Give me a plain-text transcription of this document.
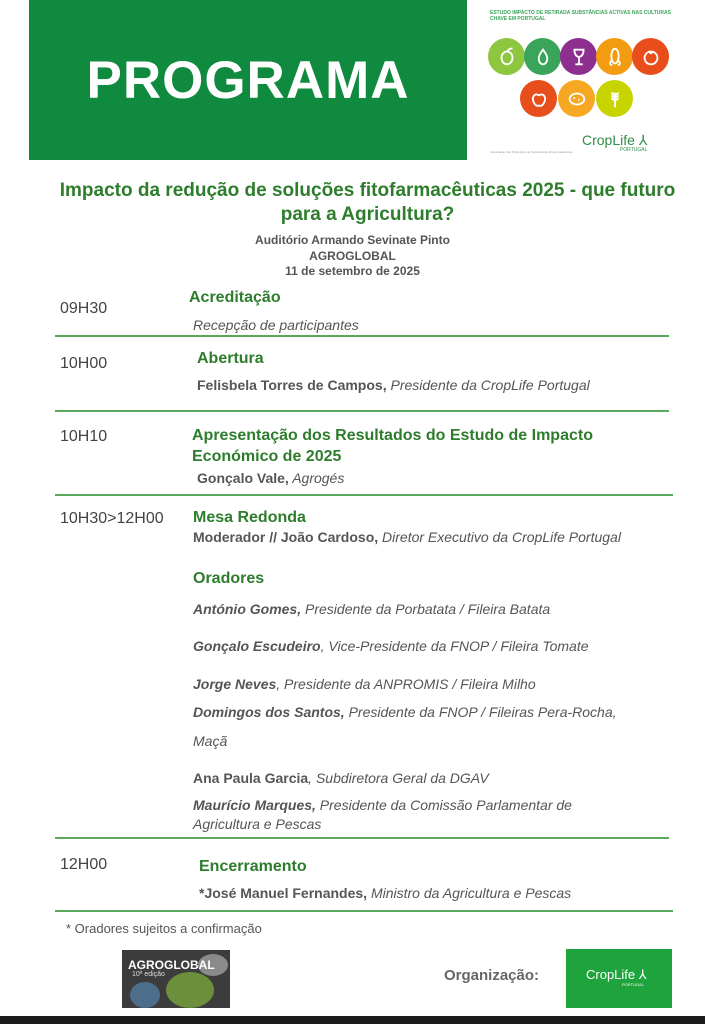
PROGRAMA
ESTUDO IMPACTO DE RETIRADA SUBSTÂNCIAS ACTIVAS NAS CULTURAS CHAVE EM PORTUGAL
CropLife ⅄
PORTUGAL
Associação dos Produtores de Substâncias Fitofarmacêuticas
Impacto da redução de soluções fitofarmacêuticas 2025 - que futuro para a Agricultura?
Auditório Armando Sevinate Pinto
AGROGLOBAL
11 de setembro de 2025
09H30
Acreditação
Recepção de participantes
10H00	Abertura
Felisbela Torres de Campos, Presidente da CropLife Portugal
10H10	Apresentação dos Resultados do Estudo de Impacto
Económico de 2025
Gonçalo Vale, Agrogés
10H30>12H00 Mesa Redonda
Moderador // João Cardoso, Diretor Executivo da CropLife Portugal
Oradores
António Gomes, Presidente da Porbatata / Fileira Batata
Gonçalo Escudeiro, Vice-Presidente da FNOP / Fileira Tomate
Jorge Neves, Presidente da ANPROMIS / Fileira Milho
Domingos dos Santos, Presidente da FNOP / Fileiras Pera-Rocha,
Maçã
Ana Paula Garcia, Subdiretora Geral da DGAV
Maurício Marques, Presidente da Comissão Parlamentar de
Agricultura e Pescas
12H00	Encerramento
*José Manuel Fernandes, Ministro da Agricultura e Pescas
* Oradores sujeitos a confirmação
AGROGLOBAL
10ª edição	Organização:	CropLife ⅄
PORTUGAL
